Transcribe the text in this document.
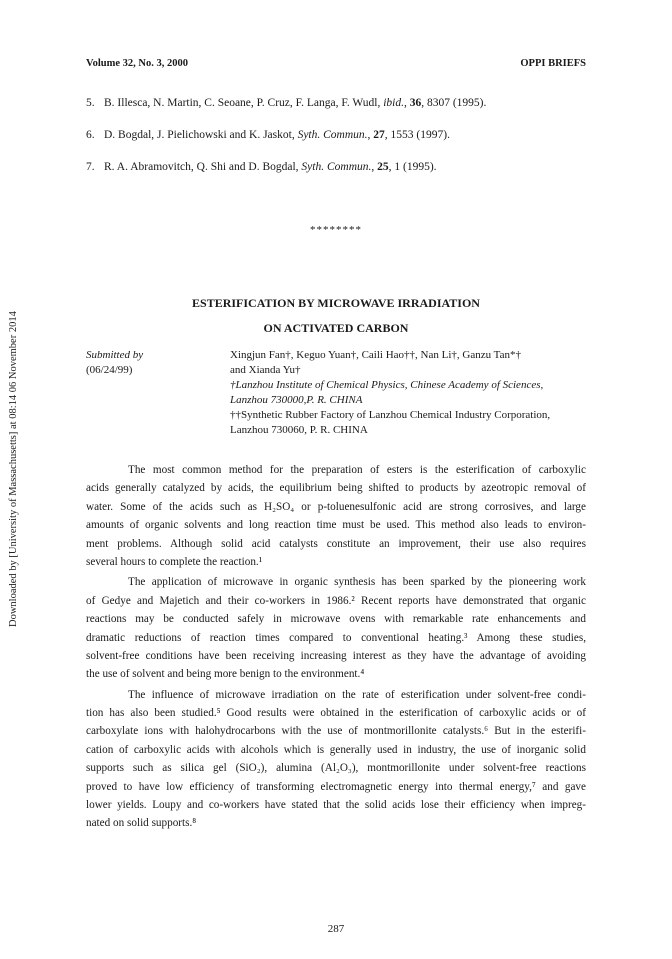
Downloaded by [University of Massachusetts] at 08:14 06 November 2014
Volume 32, No. 3, 2000	OPPI BRIEFS
5. B. Illesca, N. Martin, C. Seoane, P. Cruz, F. Langa, F. Wudl, ibid., 36, 8307 (1995).
6. D. Bogdal, J. Pielichowski and K. Jaskot, Syth. Commun., 27, 1553 (1997).
7. R. A. Abramovitch, Q. Shi and D. Bogdal, Syth. Commun., 25, 1 (1995).
********
ESTERIFICATION BY MICROWAVE IRRADIATION
ON ACTIVATED CARBON
Submitted by
(06/24/99)
Xingjun Fan†, Keguo Yuan†, Caili Hao††, Nan Li†, Ganzu Tan*†
and Xianda Yu†
†Lanzhou Institute of Chemical Physics, Chinese Academy of Sciences,
Lanzhou 730000,P. R. CHINA
††Synthetic Rubber Factory of Lanzhou Chemical Industry Corporation,
Lanzhou 730060, P. R. CHINA

The most common method for the preparation of esters is the esterification of carboxylic
acids generally catalyzed by acids, the equilibrium being shifted to products by azeotropic removal of
water. Some of the acids such as H₂SO₄ or p-toluenesulfonic acid are strong corrosives, and large
amounts of organic solvents and long reaction time must be used. This method also leads to environ-
ment problems. Although solid acid catalysts constitute an improvement, their use also requires
several hours to complete the reaction.¹

The application of microwave in organic synthesis has been sparked by the pioneering work
of Gedye and Majetich and their co-workers in 1986.² Recent reports have demonstrated that organic
reactions may be conducted safely in microwave ovens with remarkable rate enhancements and
dramatic reductions of reaction times compared to conventional heating.³ Among these studies,
solvent-free conditions have been receiving increasing interest as they have the advantage of avoiding
the use of solvent and being more benign to the environment.⁴

The influence of microwave irradiation on the rate of esterification under solvent-free condi-
tion has also been studied.⁵ Good results were obtained in the esterification of carboxylic acids or of
carboxylate ions with halohydrocarbons with the use of montmorillonite catalysts.⁶ But in the esterifi-
cation of carboxylic acids with alcohols which is generally used in industry, the use of inorganic solid
supports such as silica gel (SiO₂), alumina (Al₂O₃), montmorillonite under solvent-free reactions
proved to have low efficiency of transforming electromagnetic energy into thermal energy,⁷ and gave
lower yields. Loupy and co-workers have stated that the solid acids lose their efficiency when impreg-
nated on solid supports.⁸

287
